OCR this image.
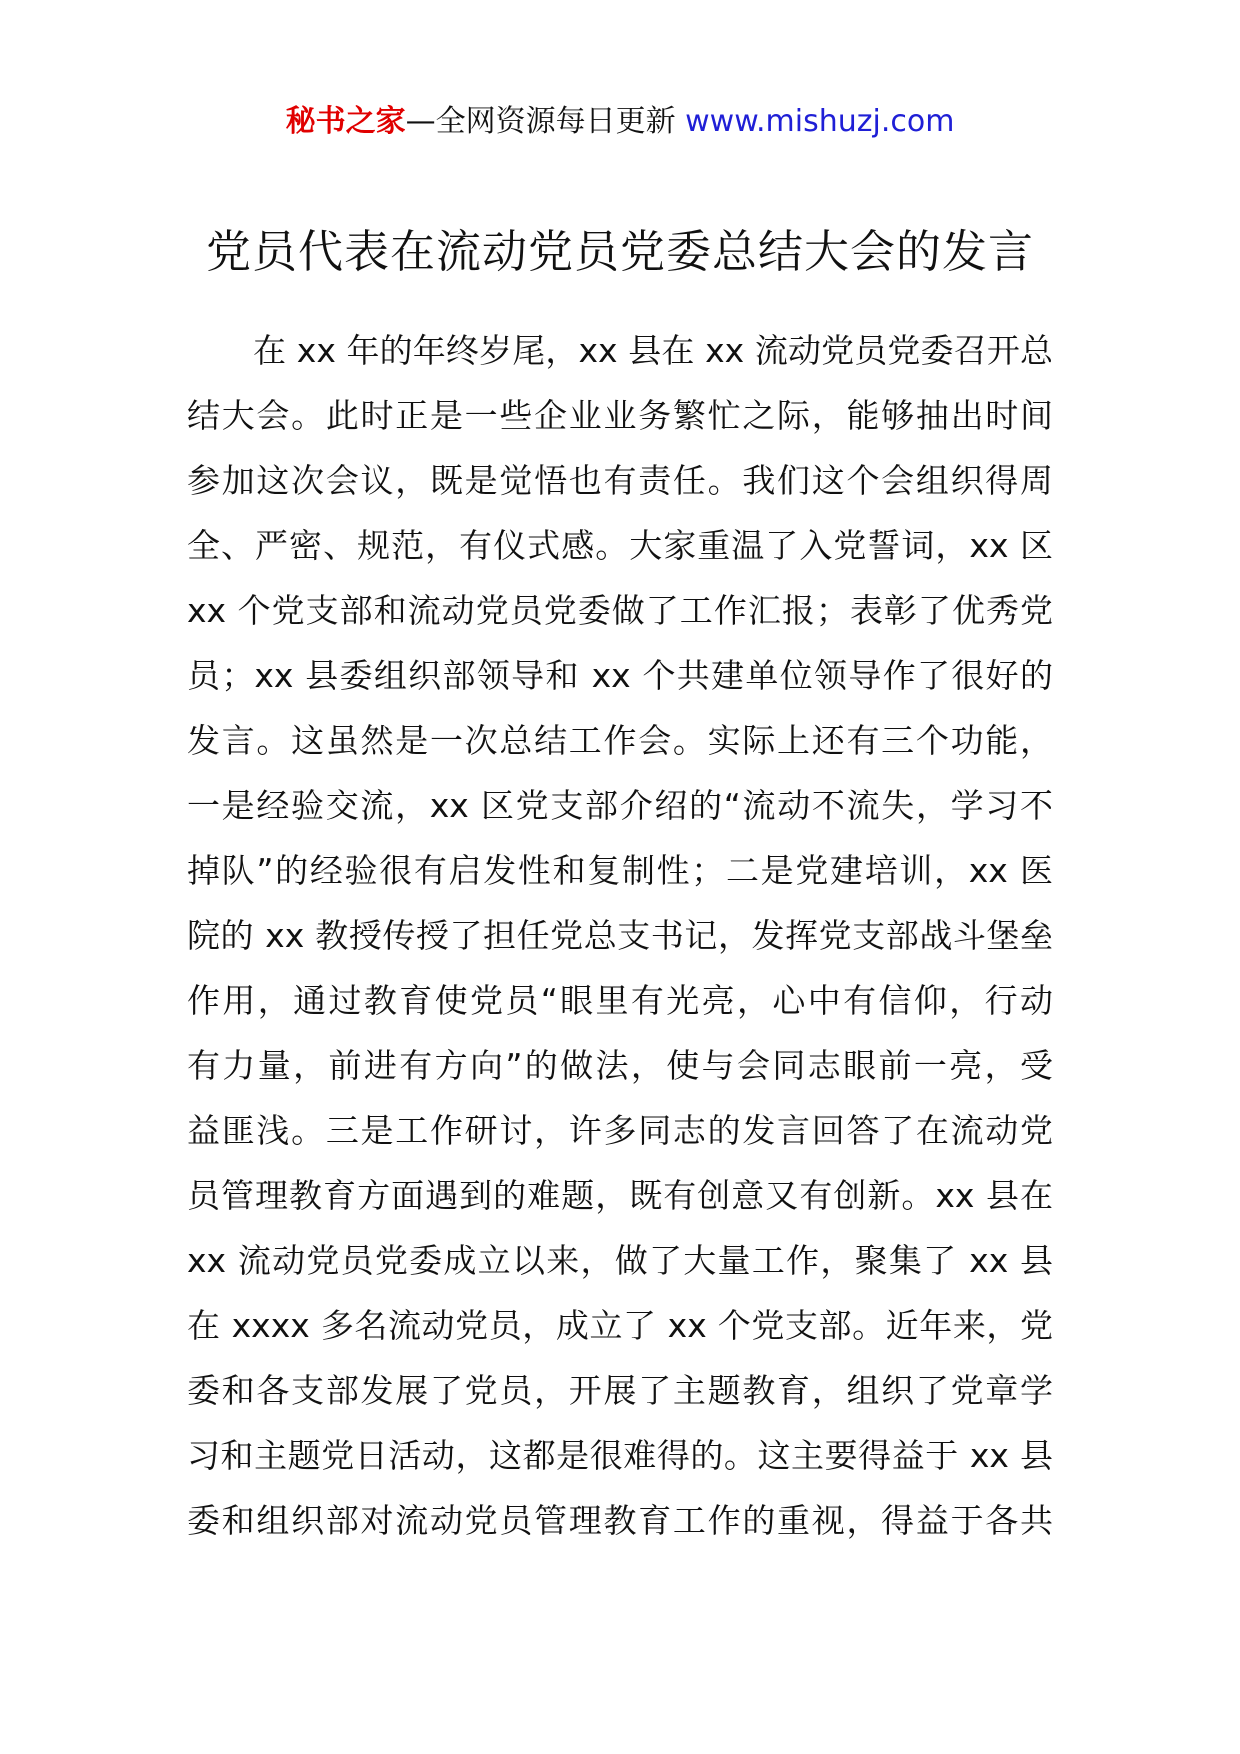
秘书之家—全网资源每日更新 www.mishuzj.com
党员代表在流动党员党委总结大会的发言
在 xx 年的年终岁尾，xx 县在 xx 流动党员党委召开总
结大会。此时正是一些企业业务繁忙之际，能够抽出时间
参加这次会议，既是觉悟也有责任。我们这个会组织得周
全、严密、规范，有仪式感。大家重温了入党誓词，xx 区
xx 个党支部和流动党员党委做了工作汇报；表彰了优秀党
员；xx 县委组织部领导和 xx 个共建单位领导作了很好的
发言。这虽然是一次总结工作会。实际上还有三个功能，
一是经验交流，xx 区党支部介绍的“流动不流失，学习不
掉队”的经验很有启发性和复制性；二是党建培训，xx 医
院的 xx 教授传授了担任党总支书记，发挥党支部战斗堡垒
作用，通过教育使党员“眼里有光亮，心中有信仰，行动
有力量，前进有方向”的做法，使与会同志眼前一亮，受
益匪浅。三是工作研讨，许多同志的发言回答了在流动党
员管理教育方面遇到的难题，既有创意又有创新。xx 县在
xx 流动党员党委成立以来，做了大量工作，聚集了 xx 县
在 xxxx 多名流动党员，成立了 xx 个党支部。近年来，党
委和各支部发展了党员，开展了主题教育，组织了党章学
习和主题党日活动，这都是很难得的。这主要得益于 xx 县
委和组织部对流动党员管理教育工作的重视，得益于各共
